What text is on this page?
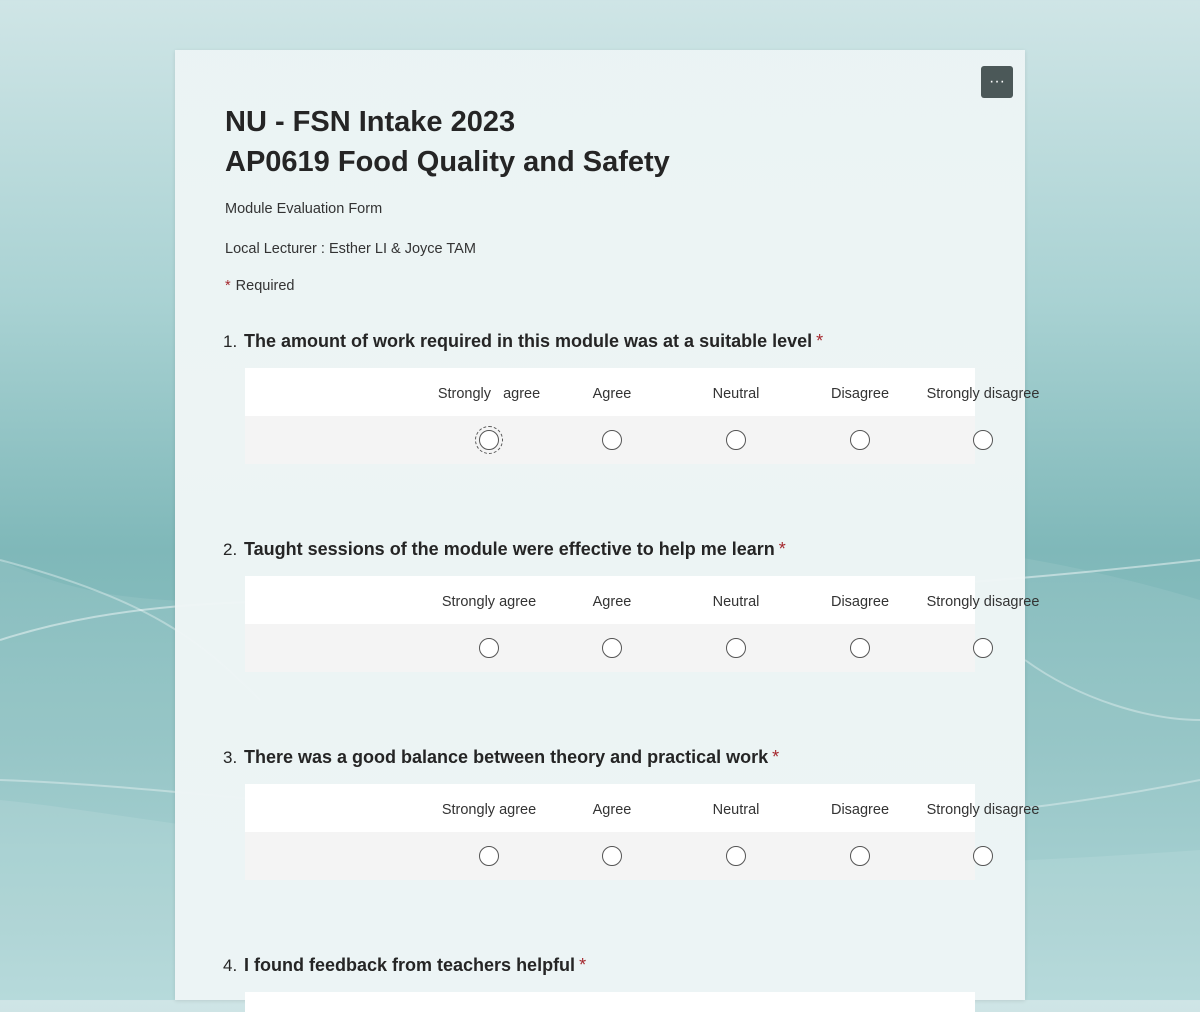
···
NU - FSN Intake 2023
AP0619 Food Quality and Safety
Module Evaluation Form
Local Lecturer : Esther LI & Joyce TAM
* Required
1. The amount of work required in this module was at a suitable level *
Strongly   agree	Agree	Neutral	Disagree	Strongly disagree
2. Taught sessions of the module were effective to help me learn *
Strongly agree	Agree	Neutral	Disagree	Strongly disagree
3. There was a good balance between theory and practical work *
Strongly agree	Agree	Neutral	Disagree	Strongly disagree
4. I found feedback from teachers helpful *
